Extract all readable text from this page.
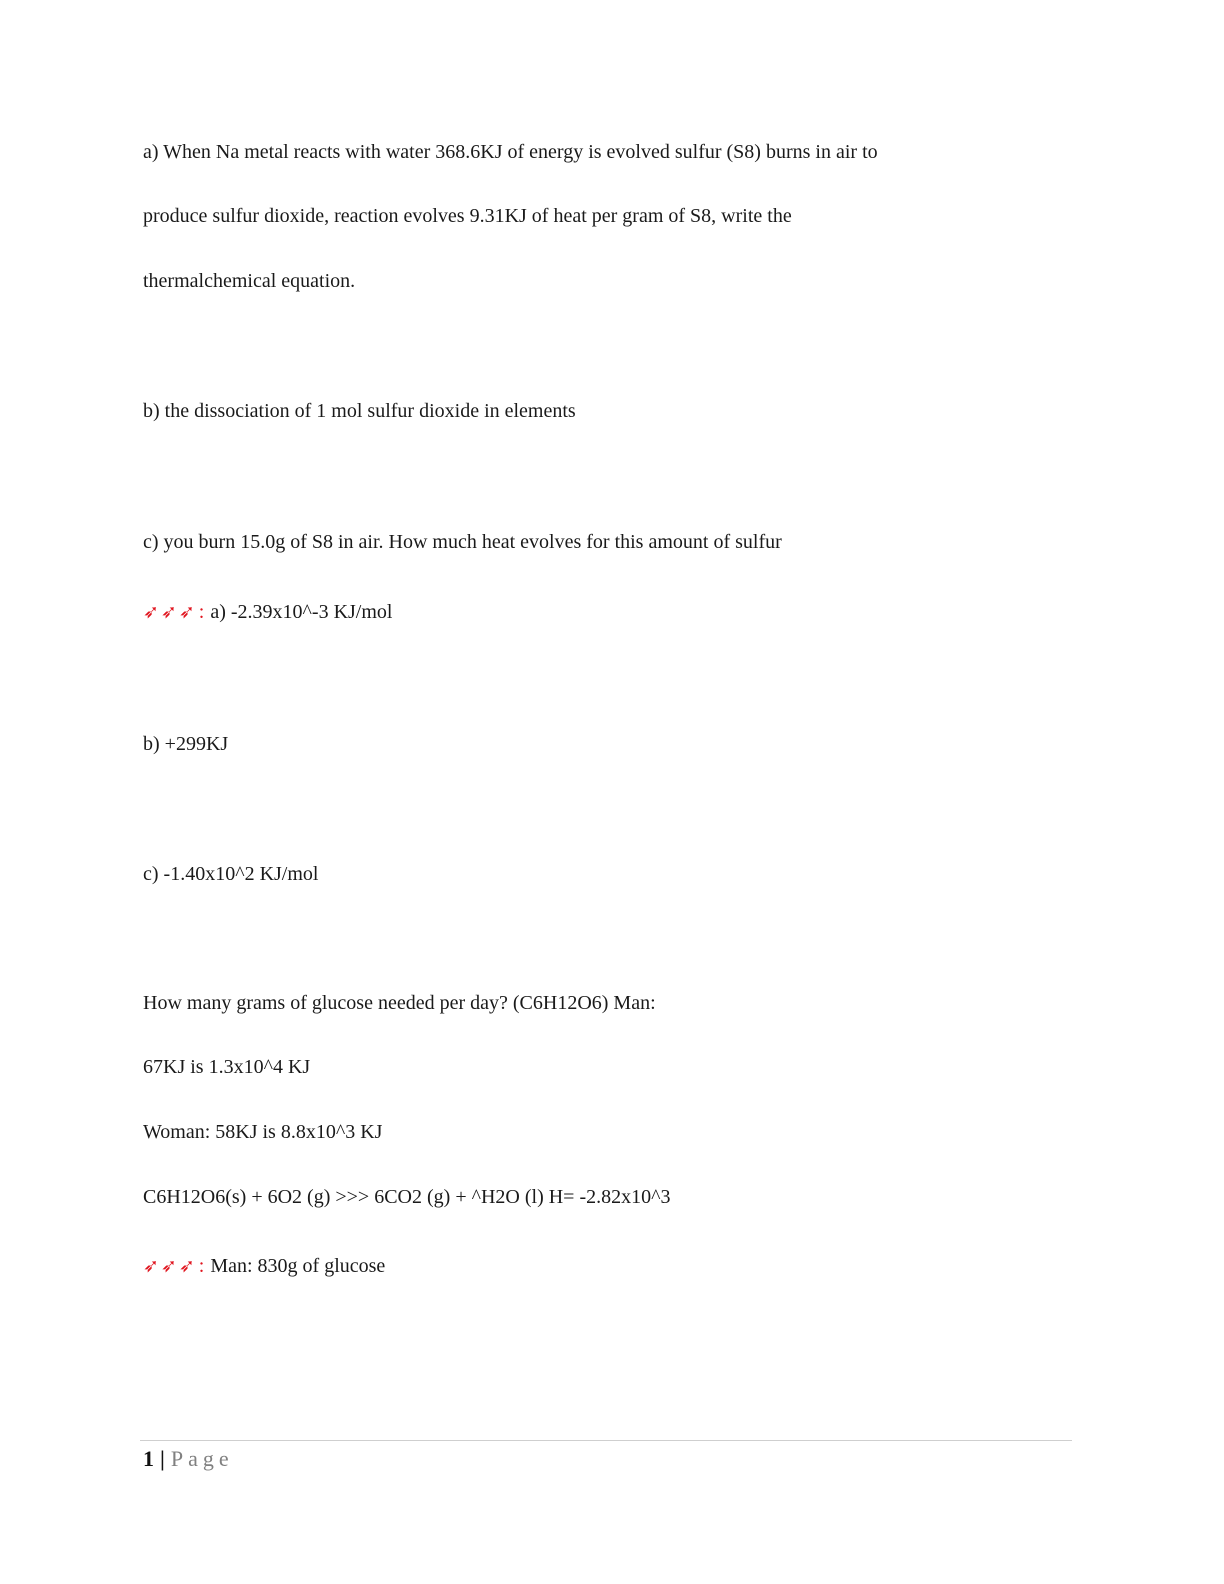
a) When Na metal reacts with water 368.6KJ of energy is evolved sulfur (S8) burns in air to
produce sulfur dioxide, reaction evolves 9.31KJ of heat per gram of S8, write the
thermalchemical equation.
b) the dissociation of 1 mol sulfur dioxide in elements
c) you burn 15.0g of S8 in air. How much heat evolves for this amount of sulfur
➶➶➶ : a) -2.39x10^-3 KJ/mol
b) +299KJ
c) -1.40x10^2 KJ/mol
How many grams of glucose needed per day? (C6H12O6) Man:
67KJ is 1.3x10^4 KJ
Woman: 58KJ is 8.8x10^3 KJ
C6H12O6(s) + 6O2 (g) >>> 6CO2 (g) + ^H2O (l) H= -2.82x10^3
➶➶➶ : Man: 830g of glucose
1 | Page
